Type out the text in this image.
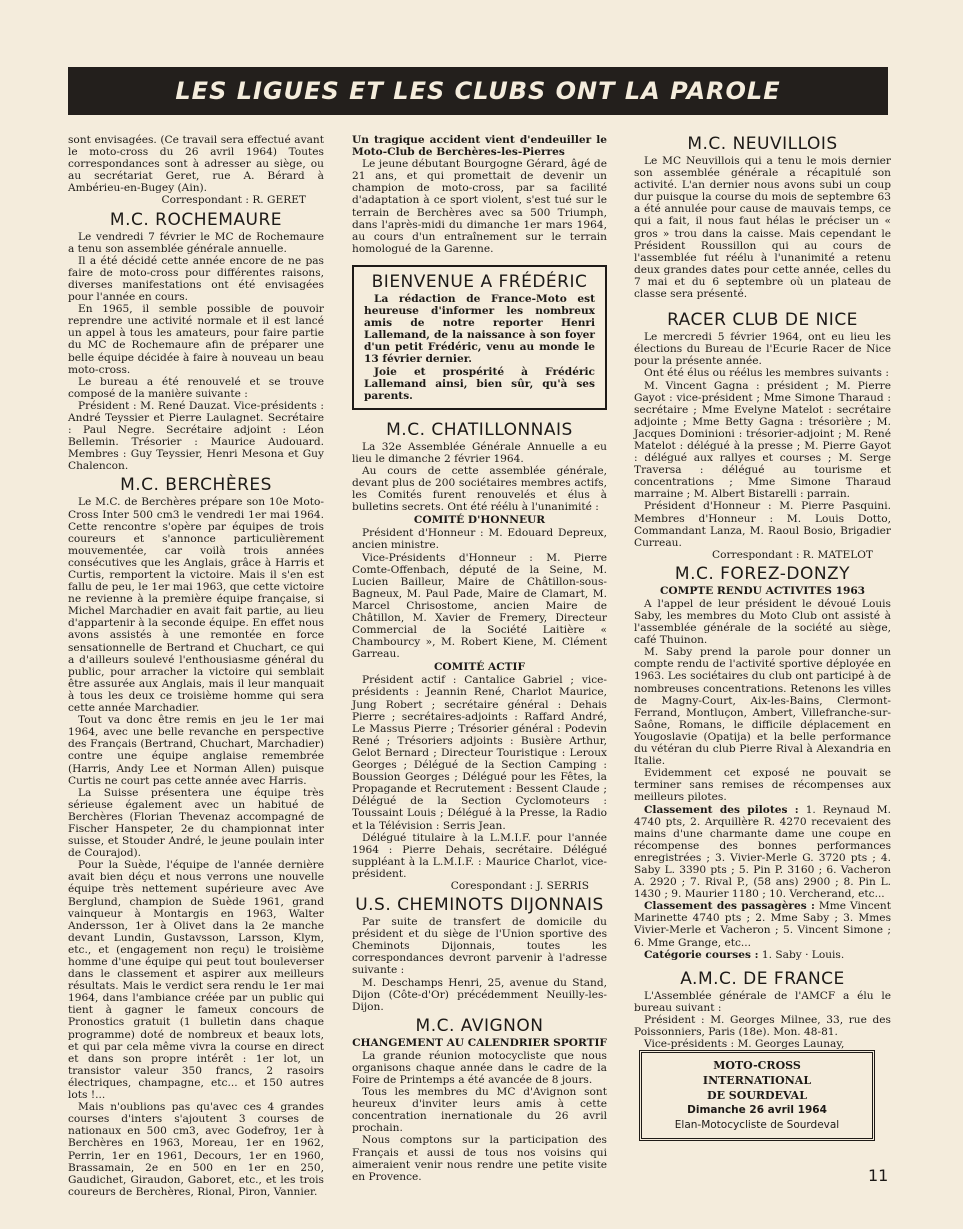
LES LIGUES ET LES CLUBS ONT LA PAROLE

sont envisagées. (Ce travail sera effectué avant le moto-cross du 26 avril 1964) Toutes correspondances sont à adresser au siège, ou au secrétariat Geret, rue A. Bérard à Ambérieu-en-Bugey (Ain).

Correspondant : R. GERET

M.C. ROCHEMAURE

Le vendredi 7 février le MC de Rochemaure a tenu son assemblée générale annuelle.

Il a été décidé cette année encore de ne pas faire de moto-cross pour différentes raisons, diverses manifestations ont été envisagées pour l'année en cours.

En 1965, il semble possible de pouvoir reprendre une activité normale et il est lancé un appel à tous les amateurs, pour faire partie du MC de Rochemaure afin de préparer une belle équipe décidée à faire à nouveau un beau moto-cross.

Le bureau a été renouvelé et se trouve composé de la manière suivante :

Président : M. René Dauzat. Vice-présidents : André Teyssier et Pierre Laulagnet. Secrétaire : Paul Negre. Secrétaire adjoint : Léon Bellemin. Trésorier : Maurice Audouard. Membres : Guy Teyssier, Henri Mesona et Guy Chalencon.

M.C. BERCHÈRES

Le M.C. de Berchères prépare son 10e Moto-Cross Inter 500 cm3 le vendredi 1er mai 1964. Cette rencontre s'opère par équipes de trois coureurs et s'annonce particulièrement mouvementée, car voilà trois années consécutives que les Anglais, grâce à Harris et Curtis, remportent la victoire. Mais il s'en est fallu de peu, le 1er mai 1963, que cette victoire ne revienne à la première équipe française, si Michel Marchadier en avait fait partie, au lieu d'appartenir à la seconde équipe. En effet nous avons assistés à une remontée en force sensationnelle de Bertrand et Chuchart, ce qui a d'ailleurs soulevé l'enthousiasme général du public, pour arracher la victoire qui semblait être assurée aux Anglais, mais il leur manquait à tous les deux ce troisième homme qui sera cette année Marchadier.

Tout va donc être remis en jeu le 1er mai 1964, avec une belle revanche en perspective des Français (Bertrand, Chuchart, Marchadier) contre une équipe anglaise remembrée (Harris, Andy Lee et Norman Allen) puisque Curtis ne court pas cette année avec Harris.

La Suisse présentera une équipe très sérieuse également avec un habitué de Berchères (Florian Thevenaz accompagné de Fischer Hanspeter, 2e du championnat inter suisse, et Stouder André, le jeune poulain inter de Courajod).

Pour la Suède, l'équipe de l'année dernière avait bien déçu et nous verrons une nouvelle équipe très nettement supérieure avec Ave Berglund, champion de Suède 1961, grand vainqueur à Montargis en 1963, Walter Andersson, 1er à Olivet dans la 2e manche devant Lundin, Gustavsson, Larsson, Klym, etc., et (engagement non reçu) le troisième homme d'une équipe qui peut tout bouleverser dans le classement et aspirer aux meilleurs résultats. Mais le verdict sera rendu le 1er mai 1964, dans l'ambiance créée par un public qui tient à gagner le fameux concours de Pronostics gratuit (1 bulletin dans chaque programme) doté de nombreux et beaux lots, et qui par cela même vivra la course en direct et dans son propre intérêt : 1er lot, un transistor valeur 350 francs, 2 rasoirs électriques, champagne, etc... et 150 autres lots !...

Mais n'oublions pas qu'avec ces 4 grandes courses d'inters s'ajoutent 3 courses de nationaux en 500 cm3, avec Godefroy, 1er à Berchères en 1963, Moreau, 1er en 1962, Perrin, 1er en 1961, Decours, 1er en 1960, Brassamain, 2e en 500 en 1er en 250, Gaudichet, Giraudon, Gaboret, etc., et les trois coureurs de Berchères, Rional, Piron, Vannier.

Un tragique accident vient d'endeuiller le Moto-Club de Berchères-les-Pierres

Le jeune débutant Bourgogne Gérard, âgé de 21 ans, et qui promettait de devenir un champion de moto-cross, par sa facilité d'adaptation à ce sport violent, s'est tué sur le terrain de Berchères avec sa 500 Triumph, dans l'après-midi du dimanche 1er mars 1964, au cours d'un entraînement sur le terrain homologué de la Garenne.

BIENVENUE A FRÉDÉRIC

La rédaction de France-Moto est heureuse d'informer les nombreux amis de notre reporter Henri Lallemand, de la naissance à son foyer d'un petit Frédéric, venu au monde le 13 février dernier.

Joie et prospérité à Frédéric Lallemand ainsi, bien sûr, qu'à ses parents.

M.C. CHATILLONNAIS

La 32e Assemblée Générale Annuelle a eu lieu le dimanche 2 février 1964.

Au cours de cette assemblée générale, devant plus de 200 sociétaires membres actifs, les Comités furent renouvelés et élus à bulletins secrets. Ont été réélu à l'unanimité :

COMITÉ D'HONNEUR

Président d'Honneur : M. Edouard Depreux, ancien ministre.

Vice-Présidents d'Honneur : M. Pierre Comte-Offenbach, député de la Seine, M. Lucien Bailleur, Maire de Châtillon-sous-Bagneux, M. Paul Pade, Maire de Clamart, M. Marcel Chrisostome, ancien Maire de Châtillon, M. Xavier de Fremery, Directeur Commercial de la Société Laitière « Chambourcy », M. Robert Kiene, M. Clément Garreau.

COMITÉ ACTIF

Président actif : Cantalice Gabriel ; vice-présidents : Jeannin René, Charlot Maurice, Jung Robert ; secrétaire général : Dehais Pierre ; secrétaires-adjoints : Raffard André, Le Massus Pierre ; Trésorier général : Podevin René ; Trésoriers adjoints : Busière Arthur, Gelot Bernard ; Directeur Touristique : Leroux Georges ; Délégué de la Section Camping : Boussion Georges ; Délégué pour les Fêtes, la Propagande et Recrutement : Bessent Claude ; Délégué de la Section Cyclomoteurs : Toussaint Louis ; Délégué à la Presse, la Radio et la Télévision : Serris Jean.

Délégué titulaire à la L.M.I.F. pour l'année 1964 : Pierre Dehais, secrétaire. Délégué suppléant à la L.M.I.F. : Maurice Charlot, vice-président.

Corespondant : J. SERRIS

U.S. CHEMINOTS DIJONNAIS

Par suite de transfert de domicile du président et du siège de l'Union sportive des Cheminots Dijonnais, toutes les correspondances devront parvenir à l'adresse suivante :

M. Deschamps Henri, 25, avenue du Stand, Dijon (Côte-d'Or) précédemment Neuilly-les-Dijon.

M.C. AVIGNON
CHANGEMENT AU CALENDRIER SPORTIF

La grande réunion motocycliste que nous organisons chaque année dans le cadre de la Foire de Printemps a été avancée de 8 jours.

Tous les membres du MC d'Avignon sont heureux d'inviter leurs amis à cette concentration inernationale du 26 avril prochain.

Nous comptons sur la participation des Français et aussi de tous nos voisins qui aimeraient venir nous rendre une petite visite en Provence.

M.C. NEUVILLOIS

Le MC Neuvillois qui a tenu le mois dernier son assemblée générale a récapitulé son activité. L'an dernier nous avons subi un coup dur puisque la course du mois de septembre 63 a été annulée pour cause de mauvais temps, ce qui a fait, il nous faut hélas le préciser un « gros » trou dans la caisse. Mais cependant le Président Roussillon qui au cours de l'assemblée fut réélu à l'unanimité a retenu deux grandes dates pour cette année, celles du 7 mai et du 6 septembre où un plateau de classe sera présenté.

RACER CLUB DE NICE

Le mercredi 5 février 1964, ont eu lieu les élections du Bureau de l'Ecurie Racer de Nice pour la présente année.

Ont été élus ou réélus les membres suivants :

M. Vincent Gagna : président ; M. Pierre Gayot : vice-président ; Mme Simone Tharaud : secrétaire ; Mme Evelyne Matelot : secrétaire adjointe ; Mme Betty Gagna : trésorière ; M. Jacques Dominioni : trésorier-adjoint ; M. René Matelot : délégué à la presse ; M. Pierre Gayot : délégué aux rallyes et courses ; M. Serge Traversa : délégué au tourisme et concentrations ; Mme Simone Tharaud marraine ; M. Albert Bistarelli : parrain.

Président d'Honneur : M. Pierre Pasquini. Membres d'Honneur : M. Louis Dotto, Commandant Lanza, M. Raoul Bosio, Brigadier Curreau.

Correspondant : R. MATELOT

M.C. FOREZ-DONZY
COMPTE RENDU ACTIVITES 1963

A l'appel de leur président le dévoué Louis Saby, les membres du Moto Club ont assisté à l'assemblée générale de la société au siège, café Thuinon.

M. Saby prend la parole pour donner un compte rendu de l'activité sportive déployée en 1963. Les sociétaires du club ont participé à de nombreuses concentrations. Retenons les villes de Magny-Court, Aix-les-Bains, Clermont-Ferrand, Montluçon, Ambert, Villefranche-sur-Saône, Romans, le difficile déplacement en Yougoslavie (Opatija) et la belle performance du vétéran du club Pierre Rival à Alexandria en Italie.

Evidemment cet exposé ne pouvait se terminer sans remises de récompenses aux meilleurs pilotes.

Classement des pilotes : 1. Reynaud M. 4740 pts, 2. Arquillère R. 4270 recevaient des mains d'une charmante dame une coupe en récompense des bonnes performances enregistrées ; 3. Vivier-Merle G. 3720 pts ; 4. Saby L. 3390 pts ; 5. Pin P. 3160 ; 6. Vacheron A. 2920 ; 7. Rival P., (58 ans) 2900 ; 8. Pin L. 1430 ; 9. Maurier 1180 ; 10. Vercherand, etc...

Classement des passagères : Mme Vincent Marinette 4740 pts ; 2. Mme Saby ; 3. Mmes Vivier-Merle et Vacheron ; 5. Vincent Simone ; 6. Mme Grange, etc...

Catégorie courses : 1. Saby · Louis.

A.M.C. DE FRANCE

L'Assemblée générale de l'AMCF a élu le bureau suivant :

Président : M. Georges Milnee, 33, rue des Poissonniers, Paris (18e). Mon. 48-81.

Vice-présidents : M. Georges Launay,

MOTO-CROSS
INTERNATIONAL
DE SOURDEVAL
Dimanche 26 avril 1964
Elan-Motocycliste de Sourdeval
11
